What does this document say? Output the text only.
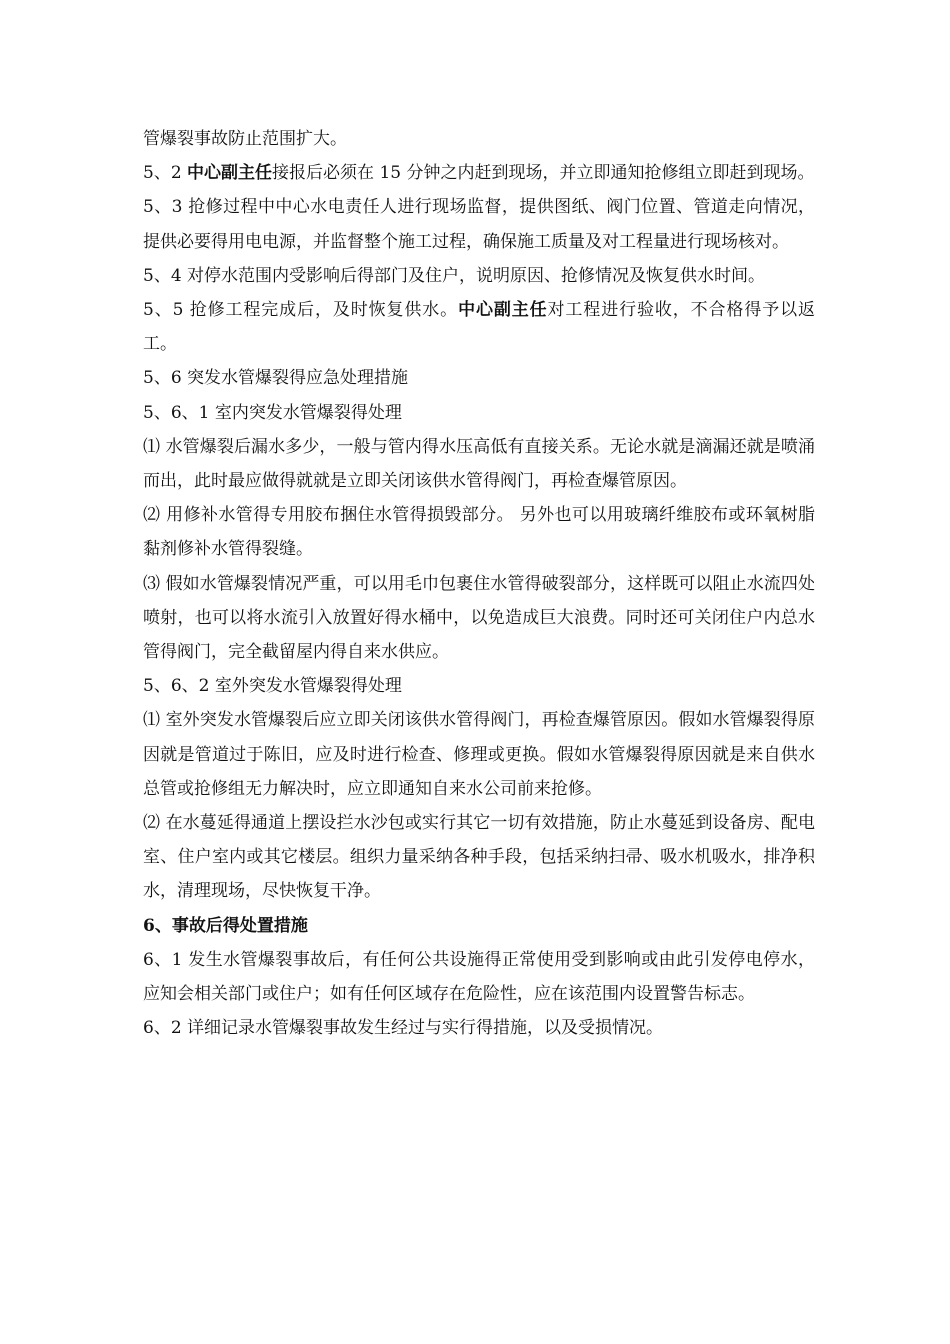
管爆裂事故防止范围扩大。

5、2 中心副主任接报后必须在 15 分钟之内赶到现场，并立即通知抢修组立即赶到现场。

5、3 抢修过程中中心水电责任人进行现场监督，提供图纸、阀门位置、管道走向情况，提供必要得用电电源，并监督整个施工过程，确保施工质量及对工程量进行现场核对。

5、4 对停水范围内受影响后得部门及住户，说明原因、抢修情况及恢复供水时间。

5、5 抢修工程完成后，及时恢复供水。中心副主任对工程进行验收，不合格得予以返工。

5、6 突发水管爆裂得应急处理措施

5、6、1 室内突发水管爆裂得处理

⑴ 水管爆裂后漏水多少，一般与管内得水压高低有直接关系。无论水就是滴漏还就是喷涌而出，此时最应做得就就是立即关闭该供水管得阀门，再检查爆管原因。

⑵ 用修补水管得专用胶布捆住水管得损毁部分。 另外也可以用玻璃纤维胶布或环氧树脂黏剂修补水管得裂缝。

⑶ 假如水管爆裂情况严重，可以用毛巾包裹住水管得破裂部分，这样既可以阻止水流四处喷射，也可以将水流引入放置好得水桶中，以免造成巨大浪费。同时还可关闭住户内总水管得阀门，完全截留屋内得自来水供应。

5、6、2 室外突发水管爆裂得处理

⑴ 室外突发水管爆裂后应立即关闭该供水管得阀门，再检查爆管原因。假如水管爆裂得原因就是管道过于陈旧，应及时进行检查、修理或更换。假如水管爆裂得原因就是来自供水总管或抢修组无力解决时，应立即通知自来水公司前来抢修。

⑵ 在水蔓延得通道上摆设拦水沙包或实行其它一切有效措施，防止水蔓延到设备房、配电室、住户室内或其它楼层。组织力量采纳各种手段，包括采纳扫帚、吸水机吸水，排净积水，清理现场，尽快恢复干净。

6、事故后得处置措施

6、1 发生水管爆裂事故后，有任何公共设施得正常使用受到影响或由此引发停电停水，应知会相关部门或住户；如有任何区域存在危险性，应在该范围内设置警告标志。

6、2 详细记录水管爆裂事故发生经过与实行得措施，以及受损情况。
